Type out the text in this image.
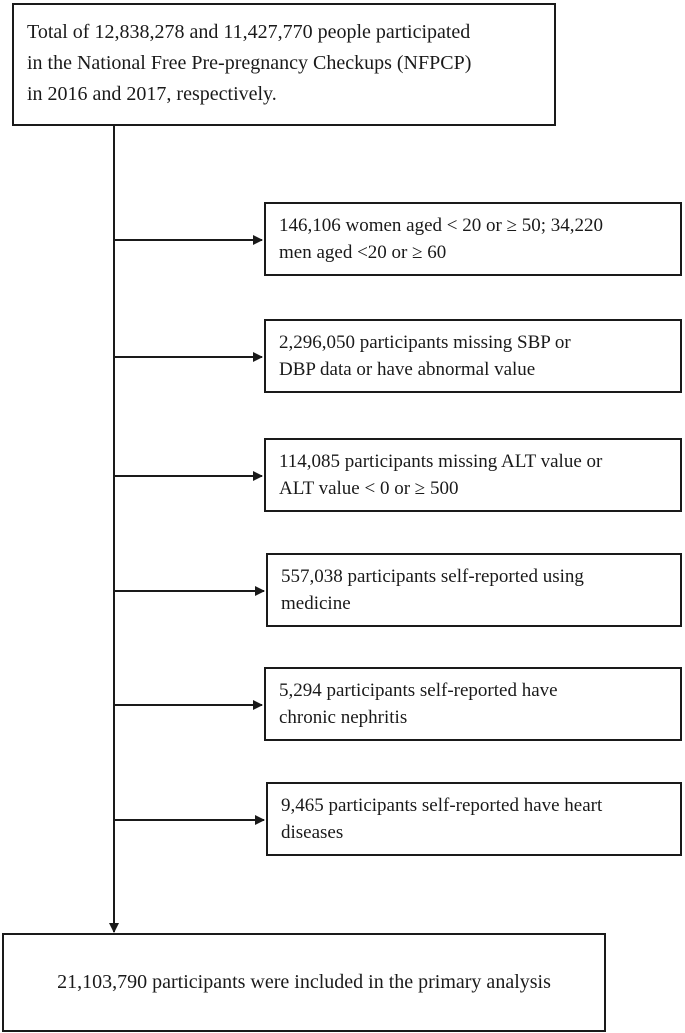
Total of 12,838,278 and 11,427,770 people participated
in the National Free Pre-pregnancy Checkups (NFPCP)
in 2016 and 2017, respectively.
146,106 women aged < 20 or ≥ 50; 34,220
men aged <20 or ≥ 60
2,296,050 participants missing SBP or
DBP data or have abnormal value
114,085 participants missing ALT value or
ALT value < 0 or ≥ 500
557,038 participants self-reported using
medicine
5,294 participants self-reported have
chronic nephritis
9,465 participants self-reported have heart
diseases
21,103,790 participants were included in the primary analysis
